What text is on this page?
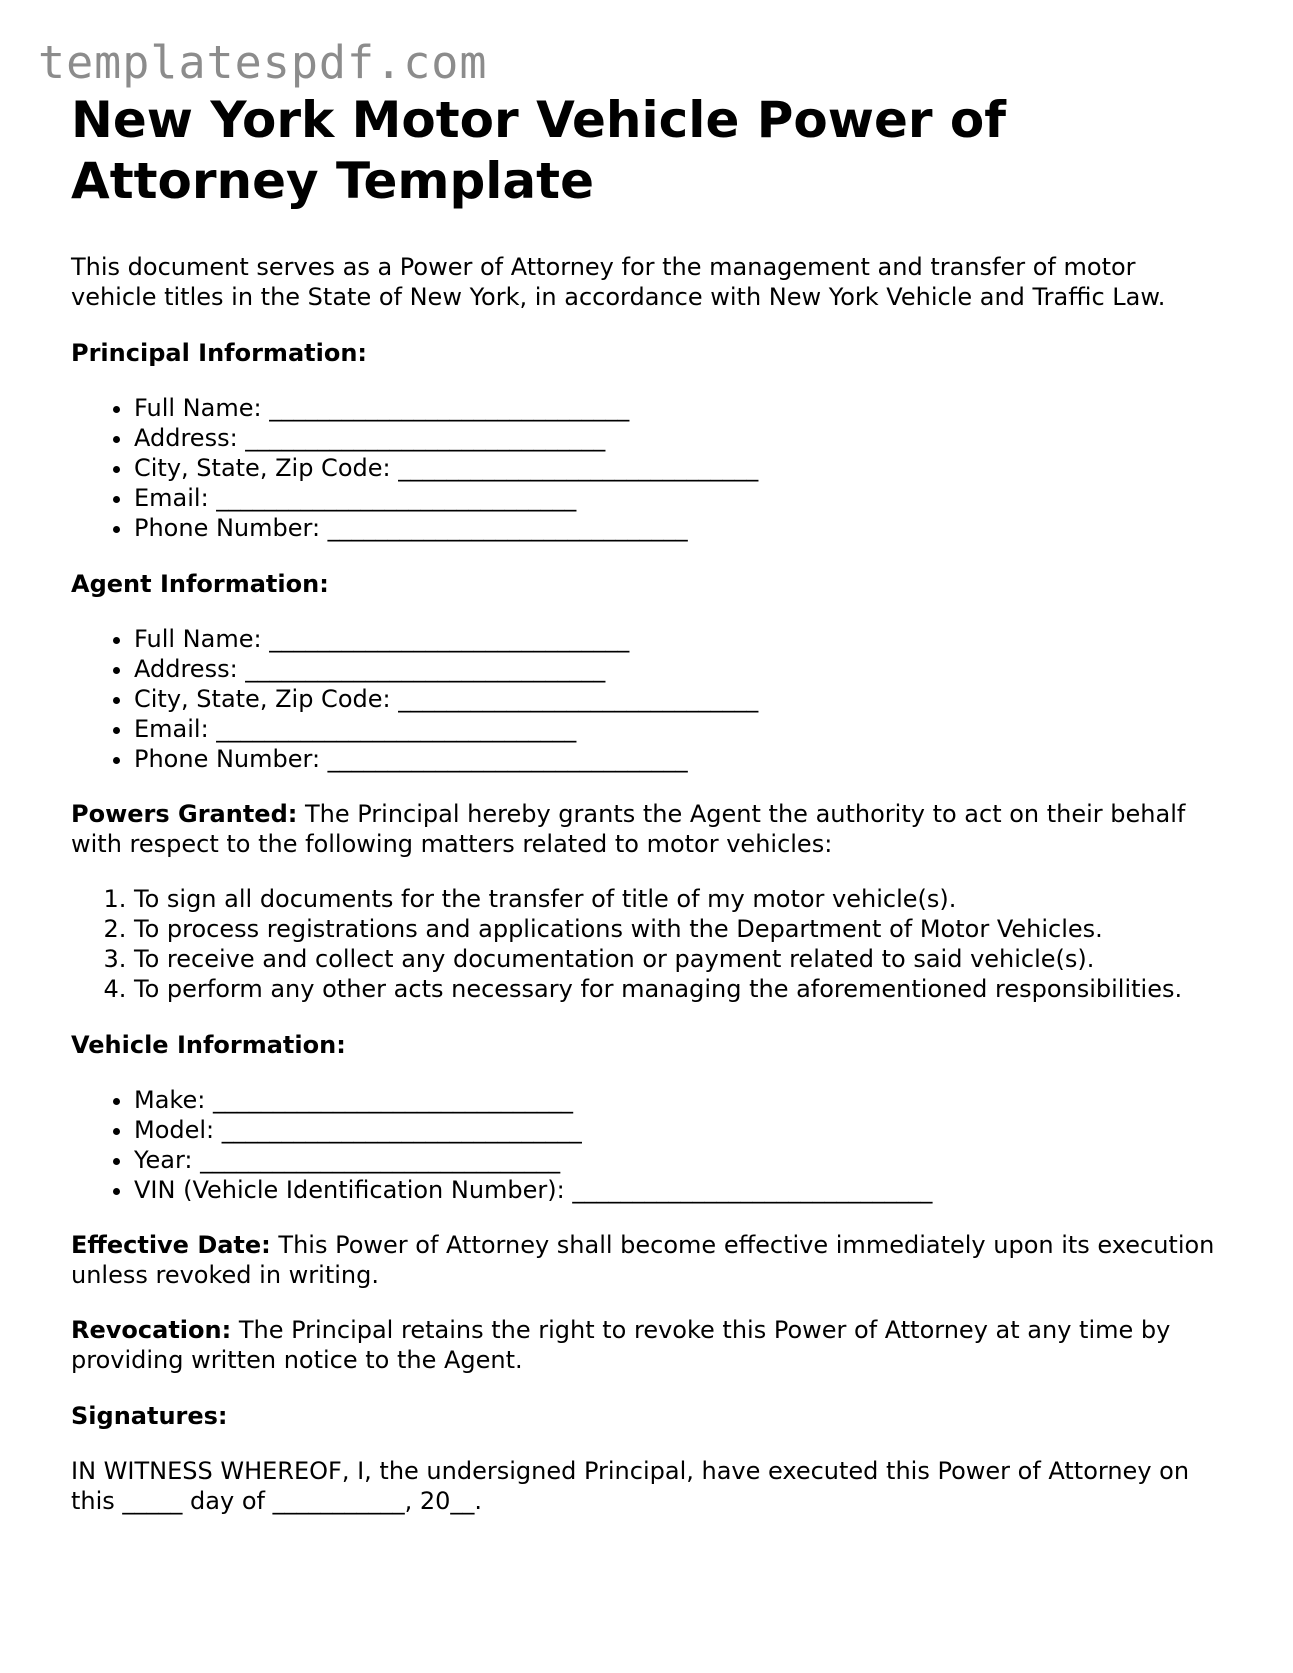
templatespdf.com
New York Motor Vehicle Power of Attorney Template

This document serves as a Power of Attorney for the management and transfer of motor vehicle titles in the State of New York, in accordance with New York Vehicle and Traffic Law.

Principal Information:

• Full Name: ______________________________
• Address: ______________________________
• City, State, Zip Code: ______________________________
• Email: ______________________________
• Phone Number: ______________________________

Agent Information:

• Full Name: ______________________________
• Address: ______________________________
• City, State, Zip Code: ______________________________
• Email: ______________________________
• Phone Number: ______________________________

Powers Granted: The Principal hereby grants the Agent the authority to act on their behalf with respect to the following matters related to motor vehicles:

1. To sign all documents for the transfer of title of my motor vehicle(s).
2. To process registrations and applications with the Department of Motor Vehicles.
3. To receive and collect any documentation or payment related to said vehicle(s).
4. To perform any other acts necessary for managing the aforementioned responsibilities.

Vehicle Information:

• Make: ______________________________
• Model: ______________________________
• Year: ______________________________
• VIN (Vehicle Identification Number): ______________________________

Effective Date: This Power of Attorney shall become effective immediately upon its execution unless revoked in writing.

Revocation: The Principal retains the right to revoke this Power of Attorney at any time by providing written notice to the Agent.

Signatures:

IN WITNESS WHEREOF, I, the undersigned Principal, have executed this Power of Attorney on this _____ day of ___________, 20__.
